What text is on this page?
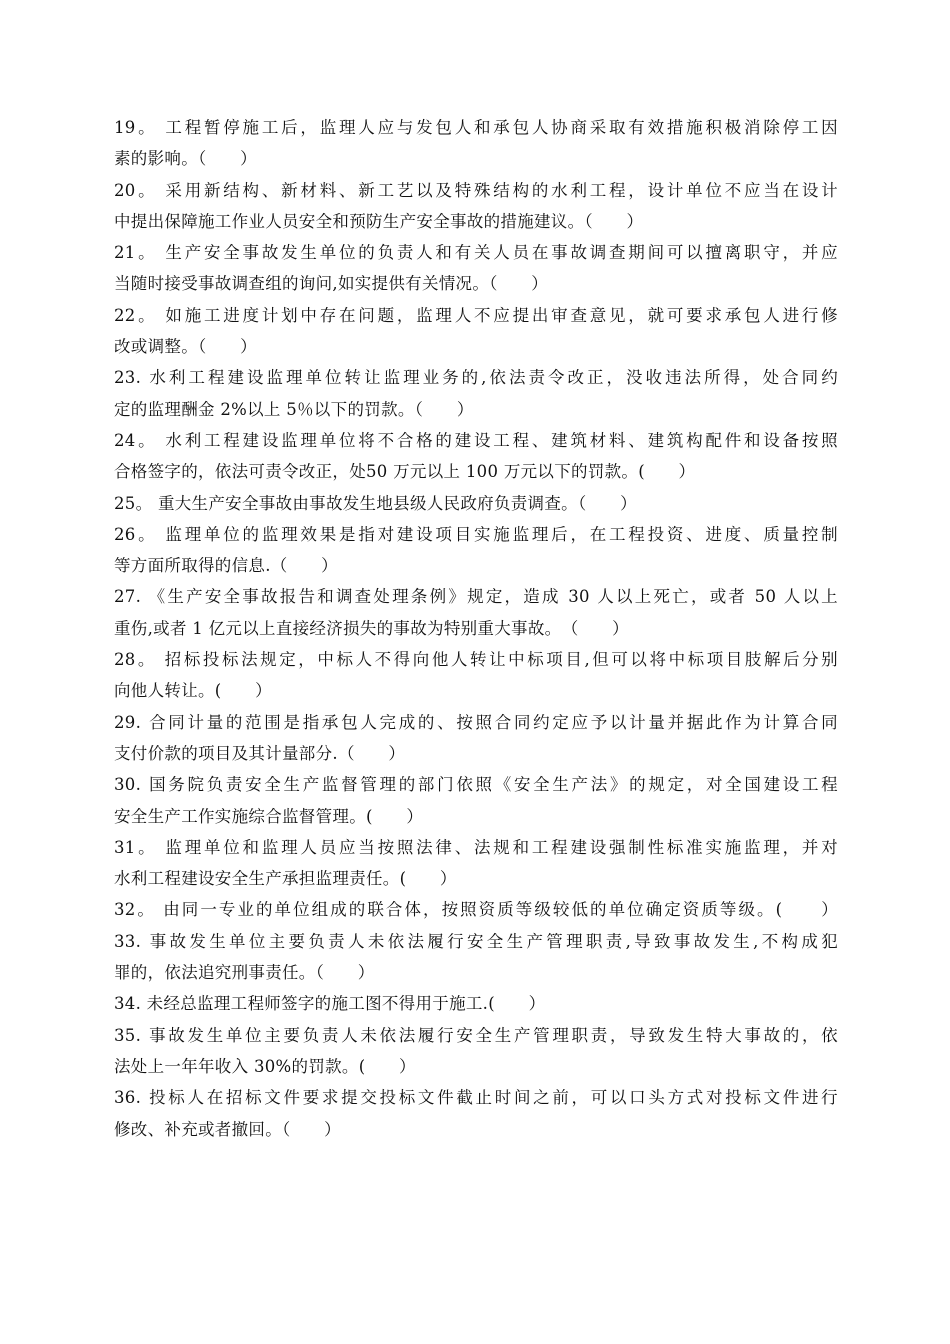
19。 工程暂停施工后，监理人应与发包人和承包人协商采取有效措施积极消除停工因
素的影响。（　　）
20。 采用新结构、新材料、新工艺以及特殊结构的水利工程，设计单位不应当在设计
中提出保障施工作业人员安全和预防生产安全事故的措施建议。（　　）
21。 生产安全事故发生单位的负责人和有关人员在事故调查期间可以擅离职守，并应
当随时接受事故调查组的询问,如实提供有关情况。（　　）
22。 如施工进度计划中存在问题，监理人不应提出审查意见，就可要求承包人进行修
改或调整。（　　）
23. 水利工程建设监理单位转让监理业务的,依法责令改正，没收违法所得，处合同约
定的监理酬金 2%以上 5％以下的罚款。（　　）
24。 水利工程建设监理单位将不合格的建设工程、建筑材料、建筑构配件和设备按照
合格签字的，依法可责令改正，处50 万元以上 100 万元以下的罚款。(　　）
25。 重大生产安全事故由事故发生地县级人民政府负责调查。（　　）
26。 监理单位的监理效果是指对建设项目实施监理后，在工程投资、进度、质量控制
等方面所取得的信息.（　　）
27. 《生产安全事故报告和调查处理条例》规定，造成 30 人以上死亡，或者 50 人以上
重伤,或者 1 亿元以上直接经济损失的事故为特别重大事故。　（　　）
28。 招标投标法规定，中标人不得向他人转让中标项目,但可以将中标项目肢解后分别
向他人转让。(　　）
29. 合同计量的范围是指承包人完成的、按照合同约定应予以计量并据此作为计算合同
支付价款的项目及其计量部分.（　　）
30. 国务院负责安全生产监督管理的部门依照《安全生产法》的规定，对全国建设工程
安全生产工作实施综合监督管理。(　　）
31。 监理单位和监理人员应当按照法律、法规和工程建设强制性标准实施监理，并对
水利工程建设安全生产承担监理责任。(　　）
32。 由同一专业的单位组成的联合体，按照资质等级较低的单位确定资质等级。(　　）
33. 事故发生单位主要负责人未依法履行安全生产管理职责,导致事故发生,不构成犯
罪的，依法追究刑事责任。（　　）
34. 未经总监理工程师签字的施工图不得用于施工.(　　）
35. 事故发生单位主要负责人未依法履行安全生产管理职责，导致发生特大事故的，依
法处上一年年收入 30%的罚款。(　　）
36. 投标人在招标文件要求提交投标文件截止时间之前，可以口头方式对投标文件进行
修改、补充或者撤回。（　　）
